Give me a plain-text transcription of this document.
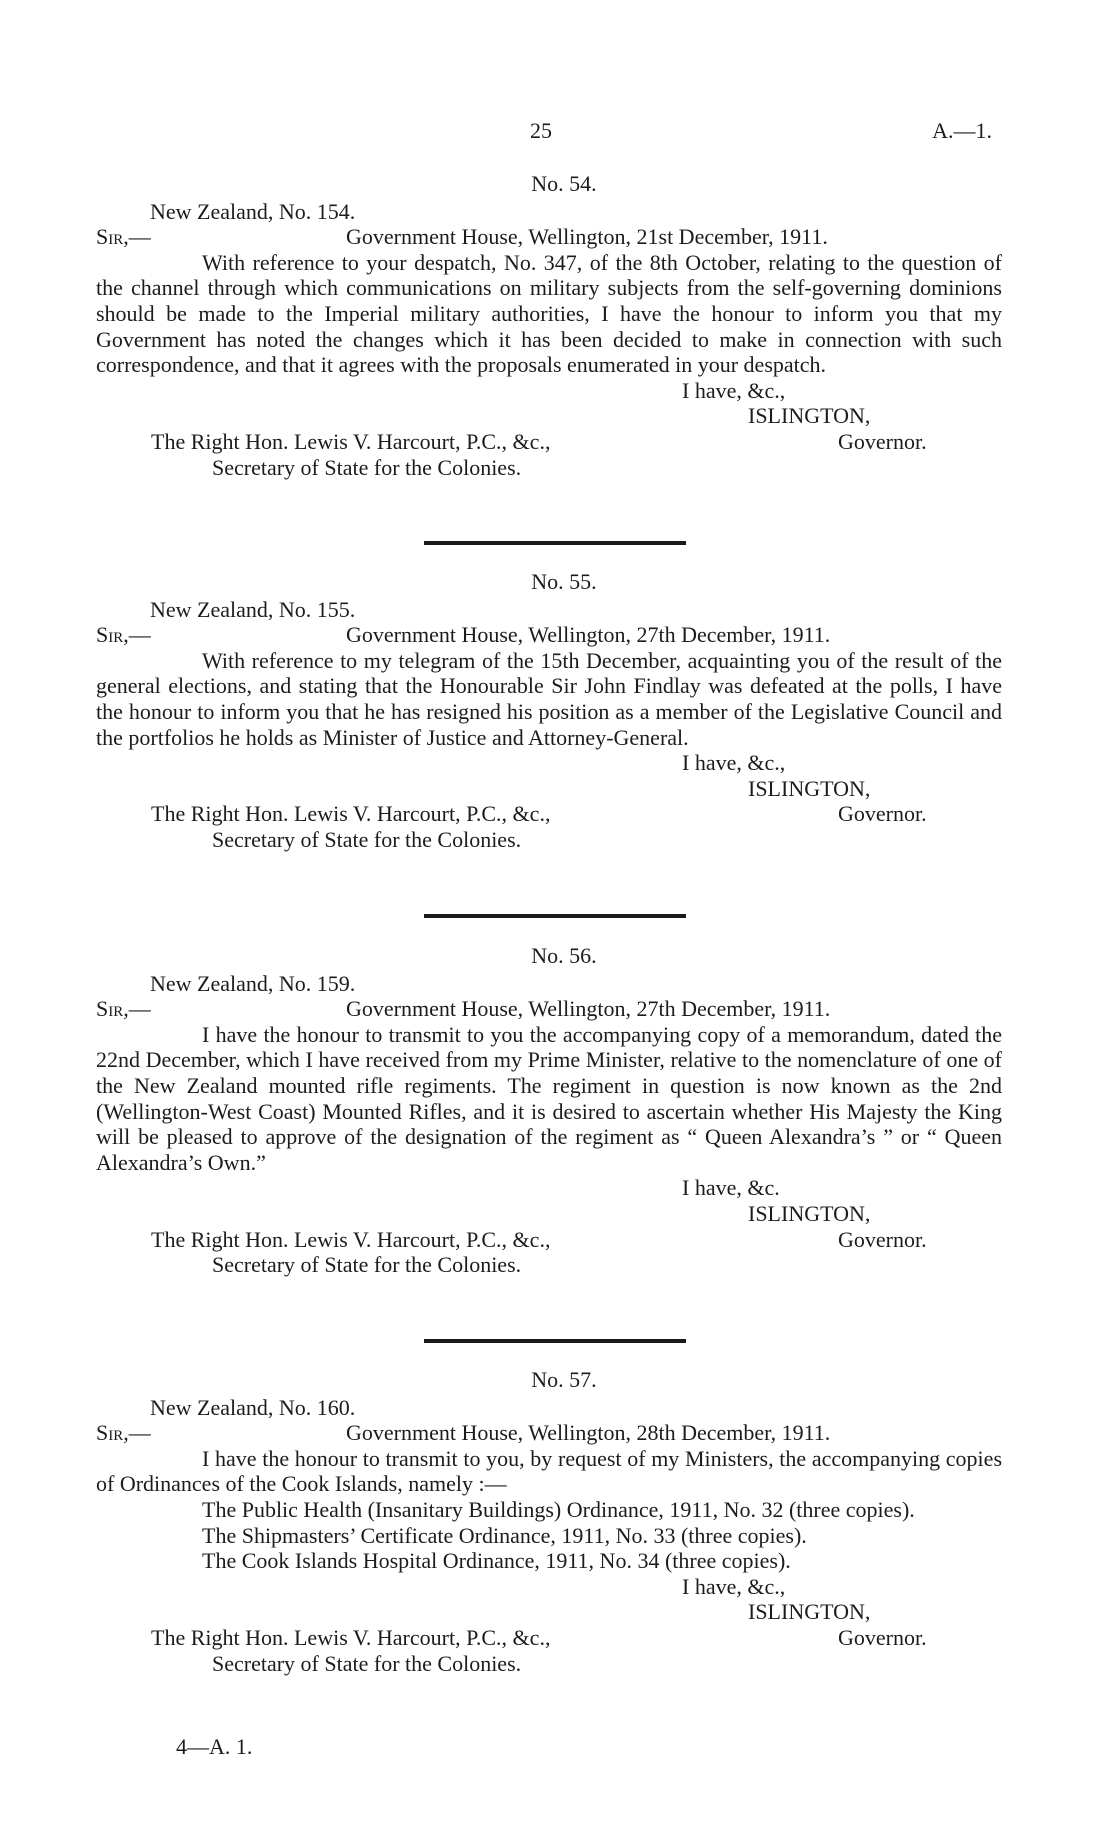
25	A.—1.
No. 54.
New Zealand, No. 154.
Sir,—	Government House, Wellington, 21st December, 1911.

With reference to your despatch, No. 347, of the 8th October, relating to the question of the channel through which communications on military subjects from the self-governing dominions should be made to the Imperial military authorities, I have the honour to inform you that my Government has noted the changes which it has been decided to make in connection with such correspondence, and that it agrees with the proposals enumerated in your despatch.

I have, &c.,
ISLINGTON,
The Right Hon. Lewis V. Harcourt, P.C., &c.,	Governor.
Secretary of State for the Colonies.
No. 55.
New Zealand, No. 155.
Sir,—	Government House, Wellington, 27th December, 1911.

With reference to my telegram of the 15th December, acquainting you of the result of the general elections, and stating that the Honourable Sir John Findlay was defeated at the polls, I have the honour to inform you that he has resigned his position as a member of the Legislative Council and the portfolios he holds as Minister of Justice and Attorney-General.

I have, &c.,
ISLINGTON,
The Right Hon. Lewis V. Harcourt, P.C., &c.,	Governor.
Secretary of State for the Colonies.
No. 56.
New Zealand, No. 159.
Sir,—	Government House, Wellington, 27th December, 1911.

I have the honour to transmit to you the accompanying copy of a memorandum, dated the 22nd December, which I have received from my Prime Minister, relative to the nomenclature of one of the New Zealand mounted rifle regiments. The regiment in question is now known as the 2nd (Wellington-West Coast) Mounted Rifles, and it is desired to ascertain whether His Majesty the King will be pleased to approve of the designation of the regiment as “ Queen Alexandra’s ” or “ Queen Alexandra’s Own.”

I have, &c.
ISLINGTON,
The Right Hon. Lewis V. Harcourt, P.C., &c.,	Governor.
Secretary of State for the Colonies.
No. 57.
New Zealand, No. 160.
Sir,—	Government House, Wellington, 28th December, 1911.

I have the honour to transmit to you, by request of my Ministers, the accompanying copies of Ordinances of the Cook Islands, namely :—

The Public Health (Insanitary Buildings) Ordinance, 1911, No. 32 (three copies).

The Shipmasters’ Certificate Ordinance, 1911, No. 33 (three copies).

The Cook Islands Hospital Ordinance, 1911, No. 34 (three copies).

I have, &c.,
ISLINGTON,
The Right Hon. Lewis V. Harcourt, P.C., &c.,	Governor.
Secretary of State for the Colonies.
4—A. 1.
